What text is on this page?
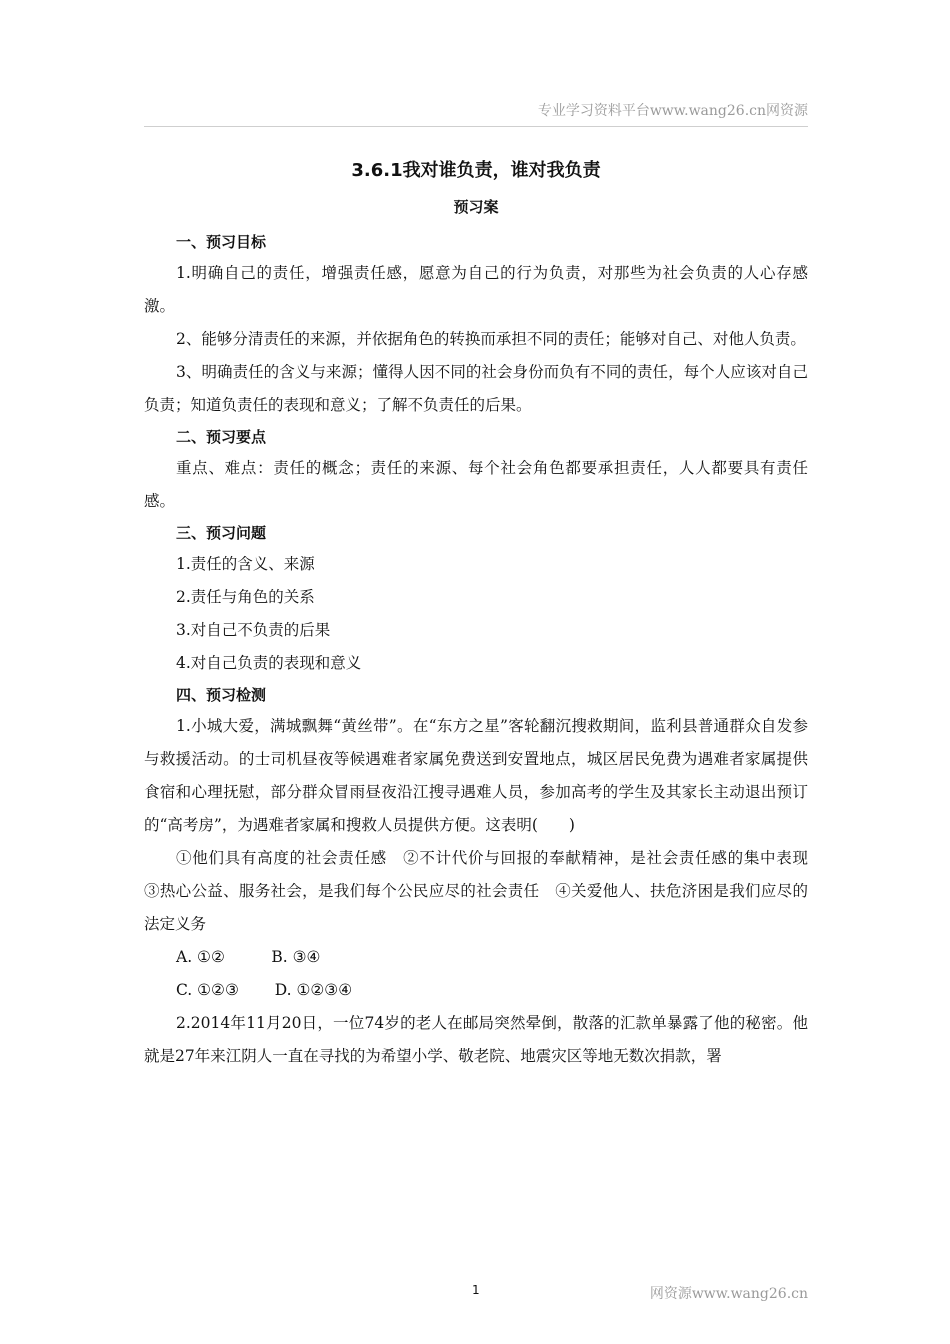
专业学习资料平台www.wang26.cn网资源
3.6.1我对谁负责，谁对我负责
预习案
一、预习目标

1.明确自己的责任，增强责任感，愿意为自己的行为负责，对那些为社会负责的人心存感激。

2、能够分清责任的来源，并依据角色的转换而承担不同的责任；能够对自己、对他人负责。

3、明确责任的含义与来源；懂得人因不同的社会身份而负有不同的责任，每个人应该对自己负责；知道负责任的表现和意义；了解不负责任的后果。

二、预习要点

重点、难点：责任的概念；责任的来源、每个社会角色都要承担责任，人人都要具有责任感。

三、预习问题

1.责任的含义、来源

2.责任与角色的关系

3.对自己不负责的后果

4.对自己负责的表现和意义

四、预习检测

1.小城大爱，满城飘舞“黄丝带”。在“东方之星”客轮翻沉搜救期间，监利县普通群众自发参与救援活动。的士司机昼夜等候遇难者家属免费送到安置地点，城区居民免费为遇难者家属提供食宿和心理抚慰，部分群众冒雨昼夜沿江搜寻遇难人员，参加高考的学生及其家长主动退出预订的“高考房”，为遇难者家属和搜救人员提供方便。这表明(　　)

①他们具有高度的社会责任感　②不计代价与回报的奉献精神，是社会责任感的集中表现　③热心公益、服务社会，是我们每个公民应尽的社会责任　④关爱他人、扶危济困是我们应尽的法定义务

A. ①②　　　B. ③④

C. ①②③　　 D. ①②③④

2.2014年11月20日，一位74岁的老人在邮局突然晕倒，散落的汇款单暴露了他的秘密。他就是27年来江阴人一直在寻找的为希望小学、敬老院、地震灾区等地无数次捐款，署

1	网资源www.wang26.cn
